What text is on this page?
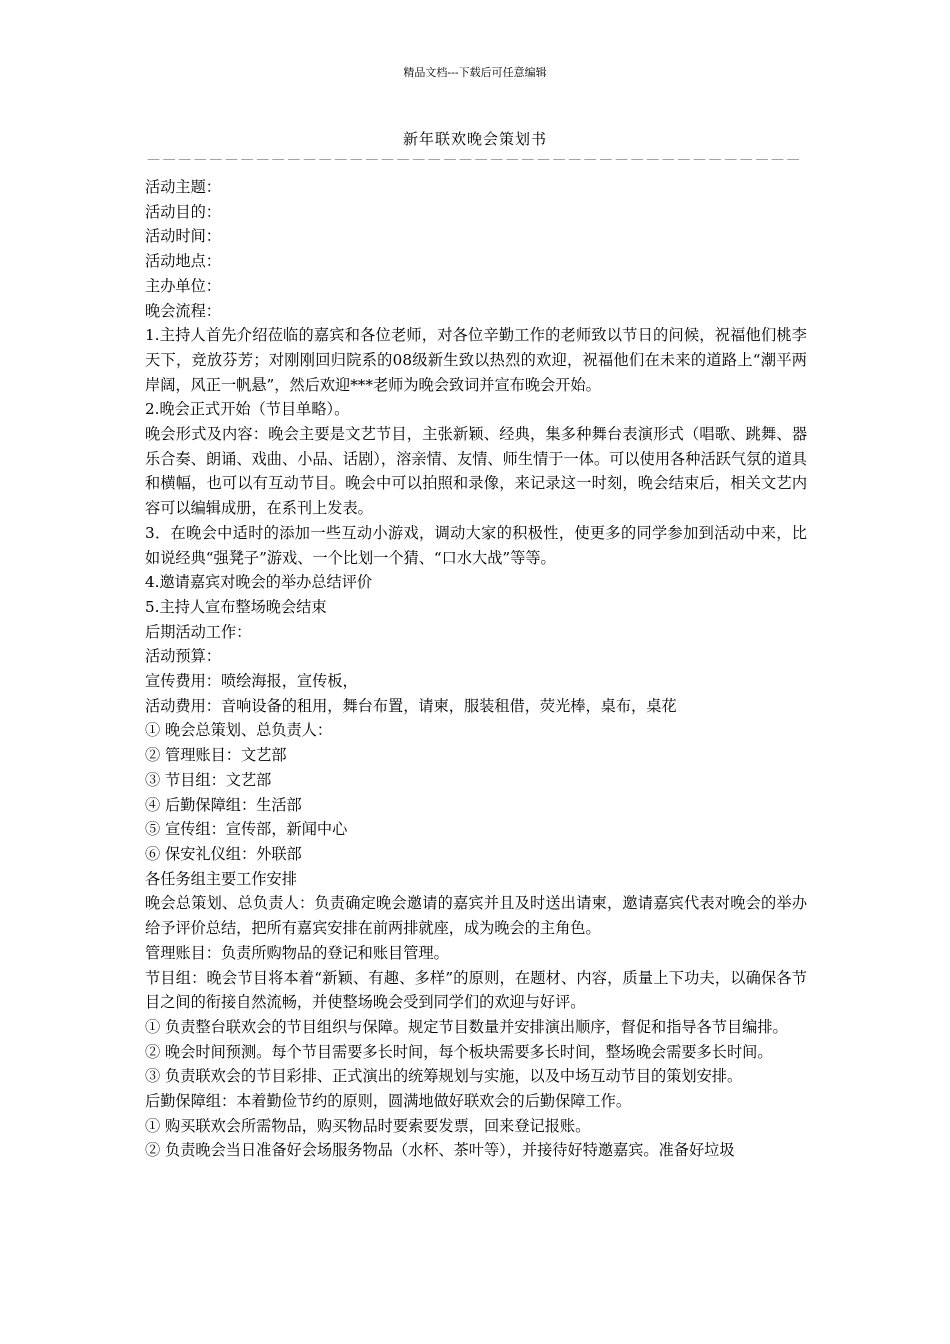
精品文档---下载后可任意编辑
新年联欢晚会策划书
——————————————————————————————————————————

活动主题：

活动目的：

活动时间：

活动地点：

主办单位：

晚会流程：

1.主持人首先介绍莅临的嘉宾和各位老师，对各位辛勤工作的老师致以节日的问候，祝福他们桃李天下，竞放芬芳；对刚刚回归院系的08级新生致以热烈的欢迎，祝福他们在未来的道路上“潮平两岸阔，风正一帆悬”，然后欢迎***老师为晚会致词并宣布晚会开始。

2.晚会正式开始（节目单略）。

晚会形式及内容：晚会主要是文艺节目，主张新颖、经典，集多种舞台表演形式（唱歌、跳舞、器乐合奏、朗诵、戏曲、小品、话剧），溶亲情、友情、师生情于一体。可以使用各种活跃气氛的道具和横幅，也可以有互动节目。晚会中可以拍照和录像，来记录这一时刻，晚会结束后，相关文艺内容可以编辑成册，在系刊上发表。

3．在晚会中适时的添加一些互动小游戏，调动大家的积极性，使更多的同学参加到活动中来，比如说经典“强凳子”游戏、一个比划一个猜、“口水大战”等等。

4.邀请嘉宾对晚会的举办总结评价

5.主持人宣布整场晚会结束

后期活动工作：

活动预算：

宣传费用：喷绘海报，宣传板，

活动费用：音响设备的租用，舞台布置，请柬，服装租借，荧光棒，桌布，桌花

① 晚会总策划、总负责人：

② 管理账目：文艺部

③ 节目组：文艺部

④ 后勤保障组：生活部

⑤ 宣传组：宣传部，新闻中心

⑥ 保安礼仪组：外联部

各任务组主要工作安排

晚会总策划、总负责人：负责确定晚会邀请的嘉宾并且及时送出请柬，邀请嘉宾代表对晚会的举办给予评价总结，把所有嘉宾安排在前两排就座，成为晚会的主角色。

管理账目：负责所购物品的登记和账目管理。

节目组：晚会节目将本着“新颖、有趣、多样”的原则，在题材、内容，质量上下功夫，以确保各节目之间的衔接自然流畅，并使整场晚会受到同学们的欢迎与好评。

① 负责整台联欢会的节目组织与保障。规定节目数量并安排演出顺序，督促和指导各节目编排。

② 晚会时间预测。每个节目需要多长时间，每个板块需要多长时间，整场晚会需要多长时间。

③ 负责联欢会的节目彩排、正式演出的统筹规划与实施，以及中场互动节目的策划安排。

后勤保障组：本着勤俭节约的原则，圆满地做好联欢会的后勤保障工作。

① 购买联欢会所需物品，购买物品时要索要发票，回来登记报账。

② 负责晚会当日准备好会场服务物品（水杯、茶叶等），并接待好特邀嘉宾。准备好垃圾
